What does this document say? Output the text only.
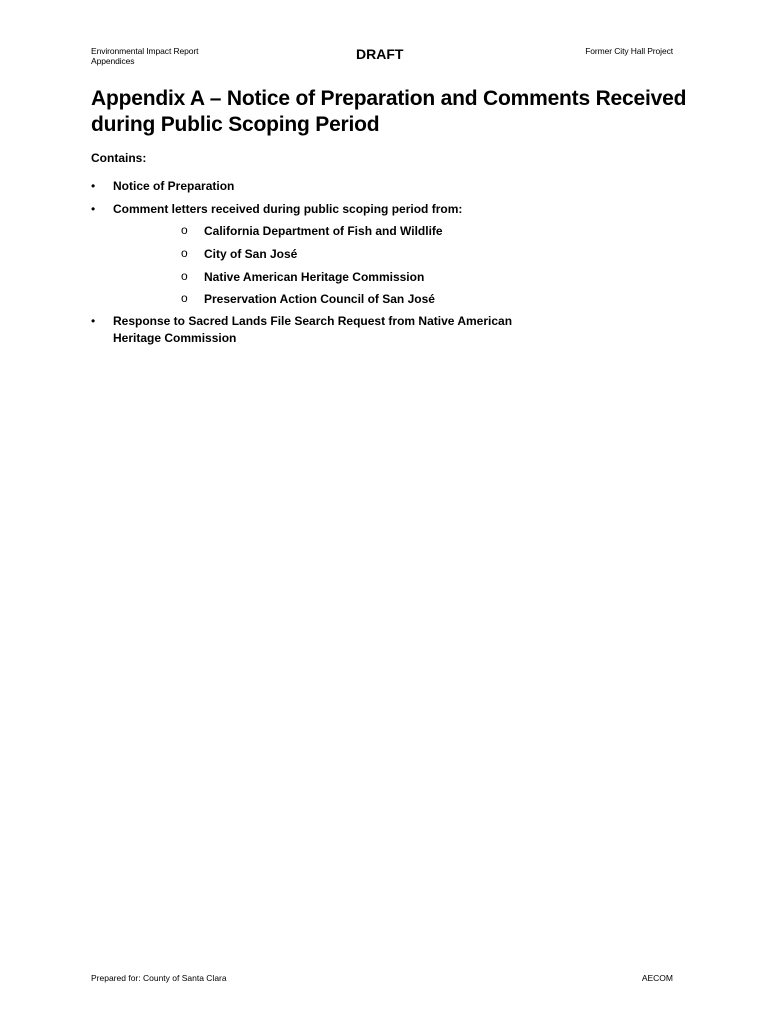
Environmental Impact Report
Appendices	DRAFT	Former City Hall Project
Appendix A – Notice of Preparation and Comments Received during Public Scoping Period
Contains:
•	Notice of Preparation
•	Comment letters received during public scoping period from:
o California Department of Fish and Wildlife
o City of San José
o Native American Heritage Commission
o Preservation Action Council of San José
•	Response to Sacred Lands File Search Request from Native American Heritage Commission
Prepared for: County of Santa Clara	AECOM
